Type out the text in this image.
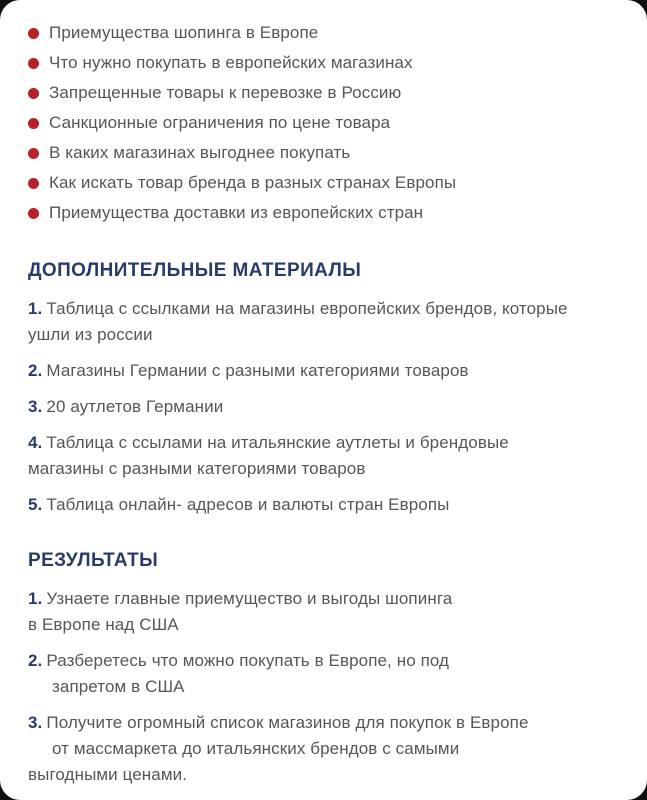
Приемущества шопинга в Европе
Что нужно покупать в европейских магазинах
Запрещенные товары к перевозке в Россию
Санкционные ограничения по цене товара
В каких магазинах выгоднее покупать
Как искать товар бренда в разных странах Европы
Приемущества доставки из европейских стран
ДОПОЛНИТЕЛЬНЫЕ МАТЕРИАЛЫ
1. Таблица с ссылками на магазины европейских брендов, которые
ушли из россии
2. Магазины Германии с разными категориями товаров
3. 20 аутлетов Германии
4. Таблица с ссылами на итальянские аутлеты и брендовые
магазины с разными категориями товаров
5. Таблица онлайн- адресов и валюты стран Европы
РЕЗУЛЬТАТЫ
1. Узнаете главные приемущество и выгоды шопинга
в Европе над США
2. Разберетесь что можно покупать в Европе, но под
запретом в США
3. Получите огромный список магазинов для покупок в Европе
от массмаркета до итальянских брендов с самыми
выгодными ценами.
